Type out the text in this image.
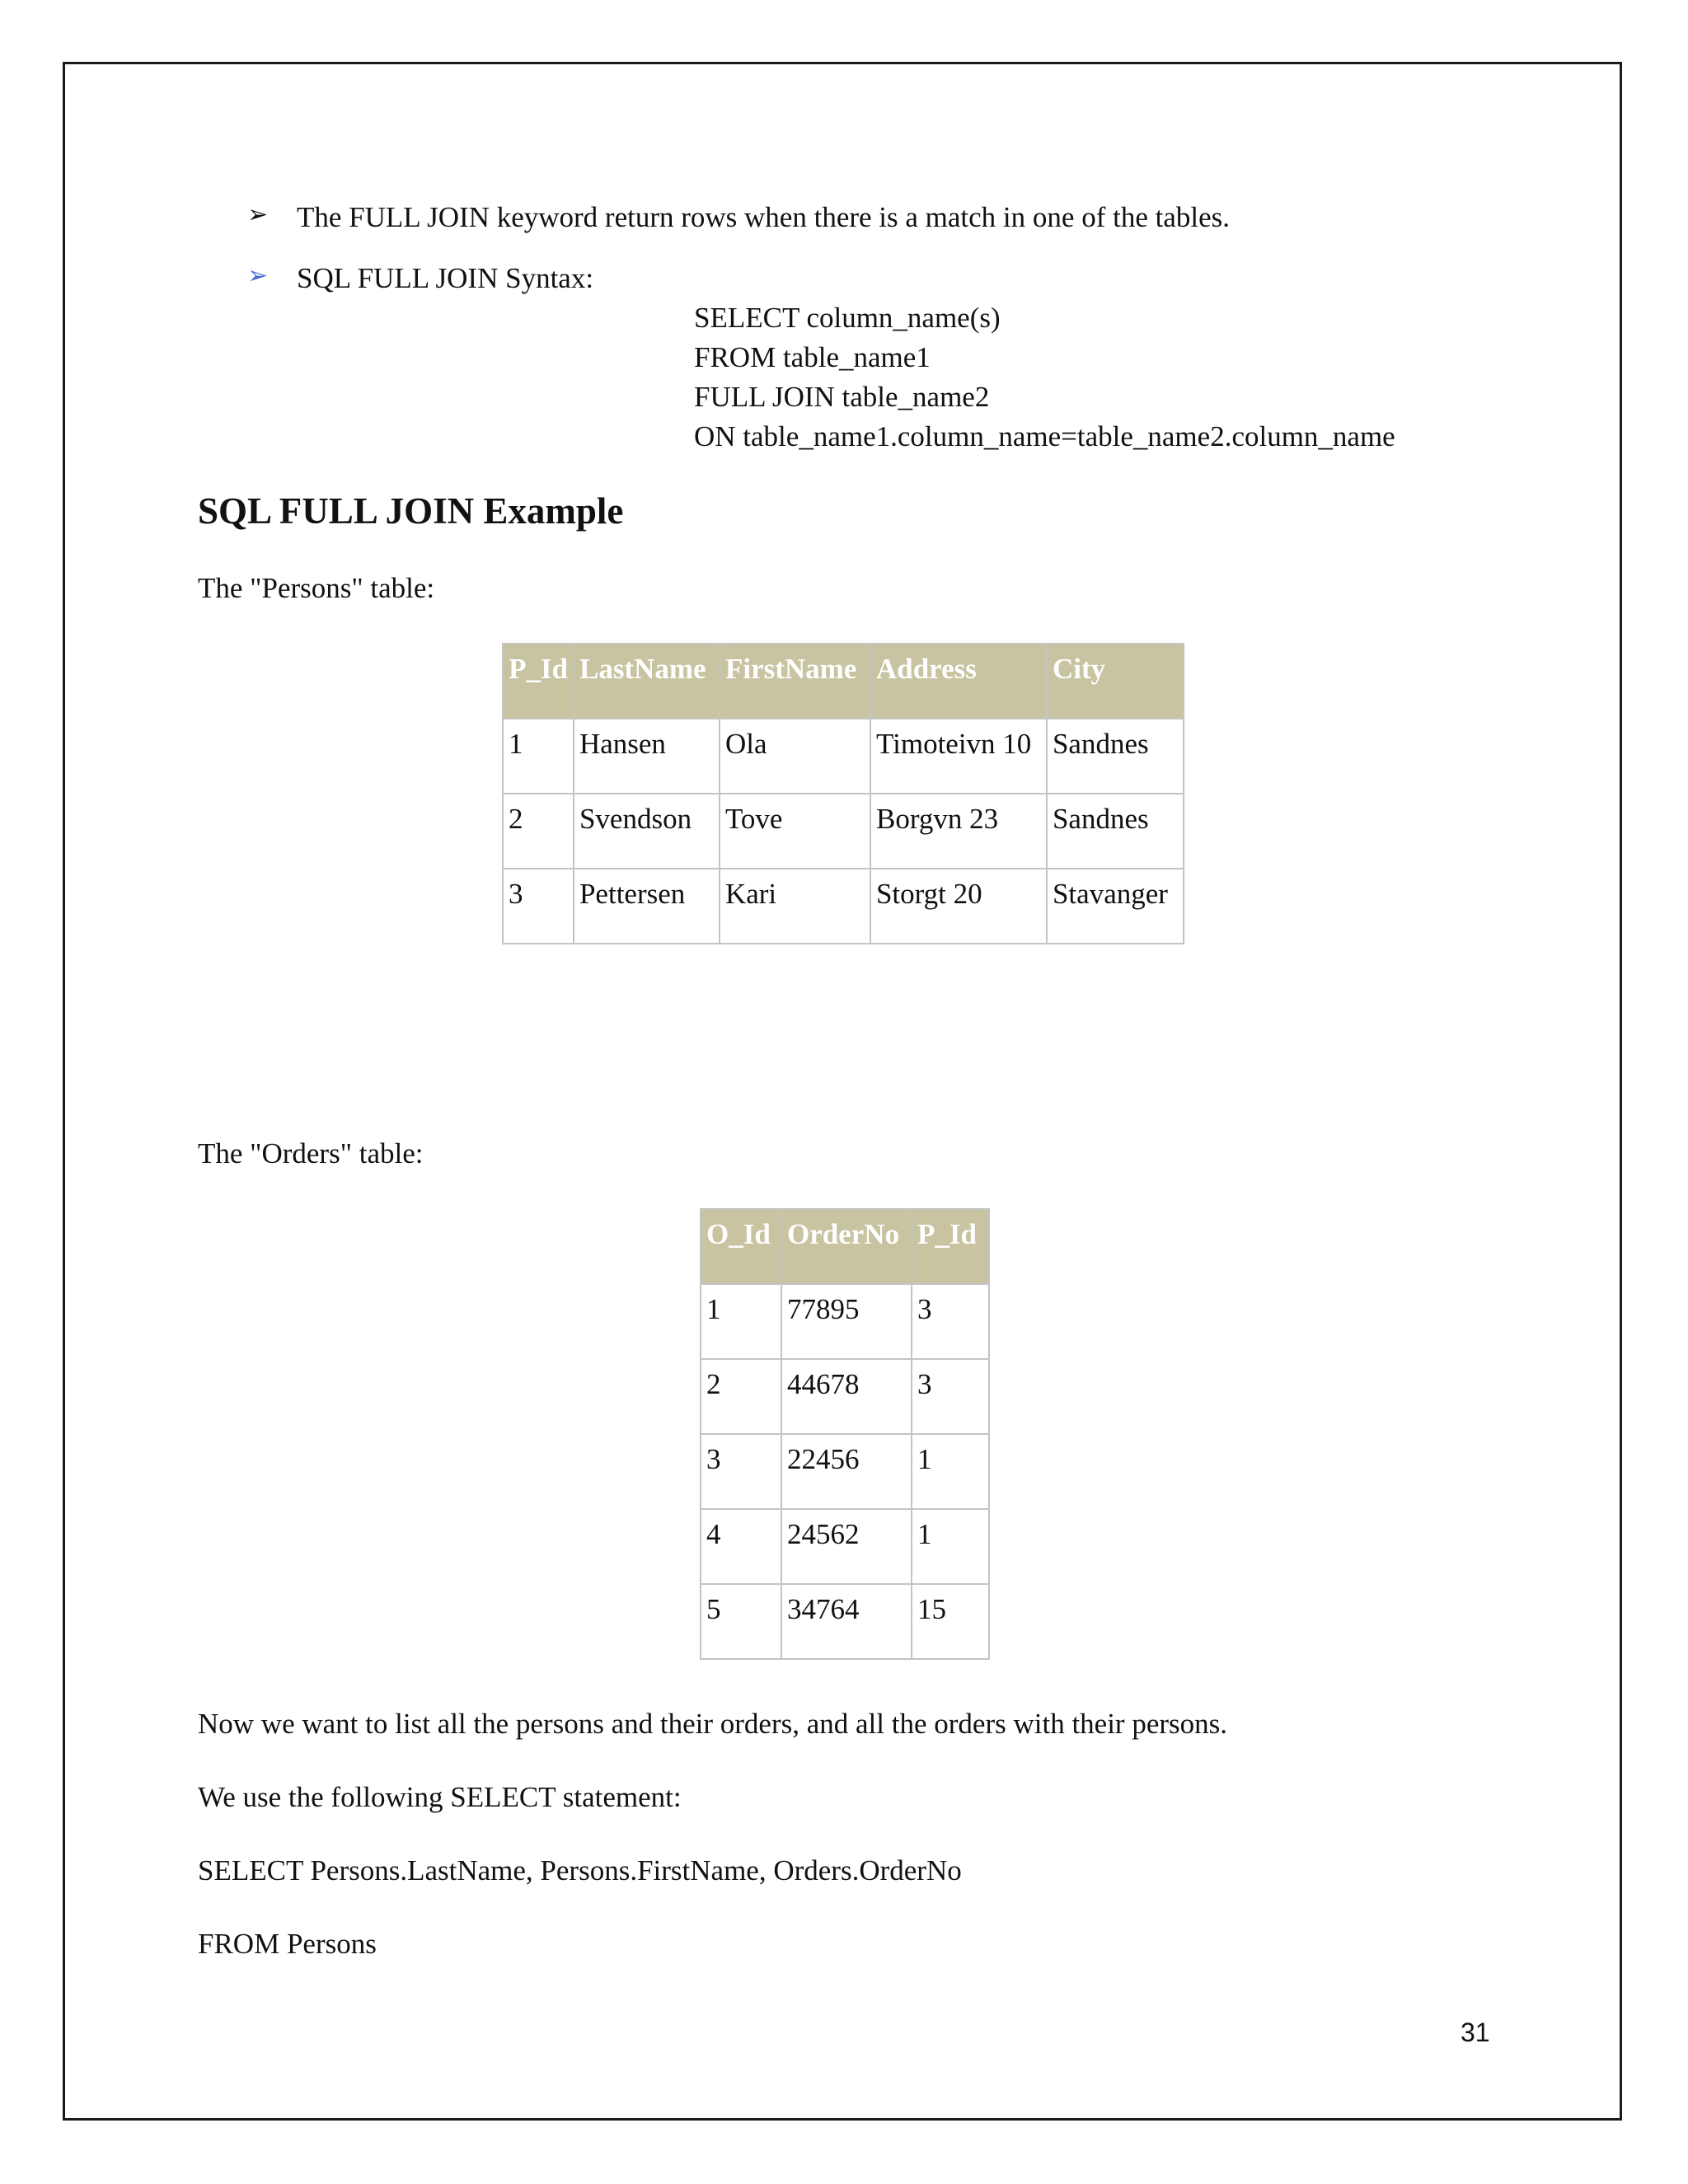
➢ The FULL JOIN keyword return rows when there is a match in one of the tables.
➢ SQL FULL JOIN Syntax:
SELECT column_name(s)
FROM table_name1
FULL JOIN table_name2
ON table_name1.column_name=table_name2.column_name
SQL FULL JOIN Example
The "Persons" table:
P_Id	LastName	FirstName	Address	City
1	Hansen	Ola	Timoteivn 10	Sandnes
2	Svendson	Tove	Borgvn 23	Sandnes
3	Pettersen	Kari	Storgt 20	Stavanger
The "Orders" table:
O_Id	OrderNo	P_Id
1	77895	3
2	44678	3
3	22456	1
4	24562	1
5	34764	15
Now we want to list all the persons and their orders, and all the orders with their persons.
We use the following SELECT statement:
SELECT Persons.LastName, Persons.FirstName, Orders.OrderNo
FROM Persons
31
